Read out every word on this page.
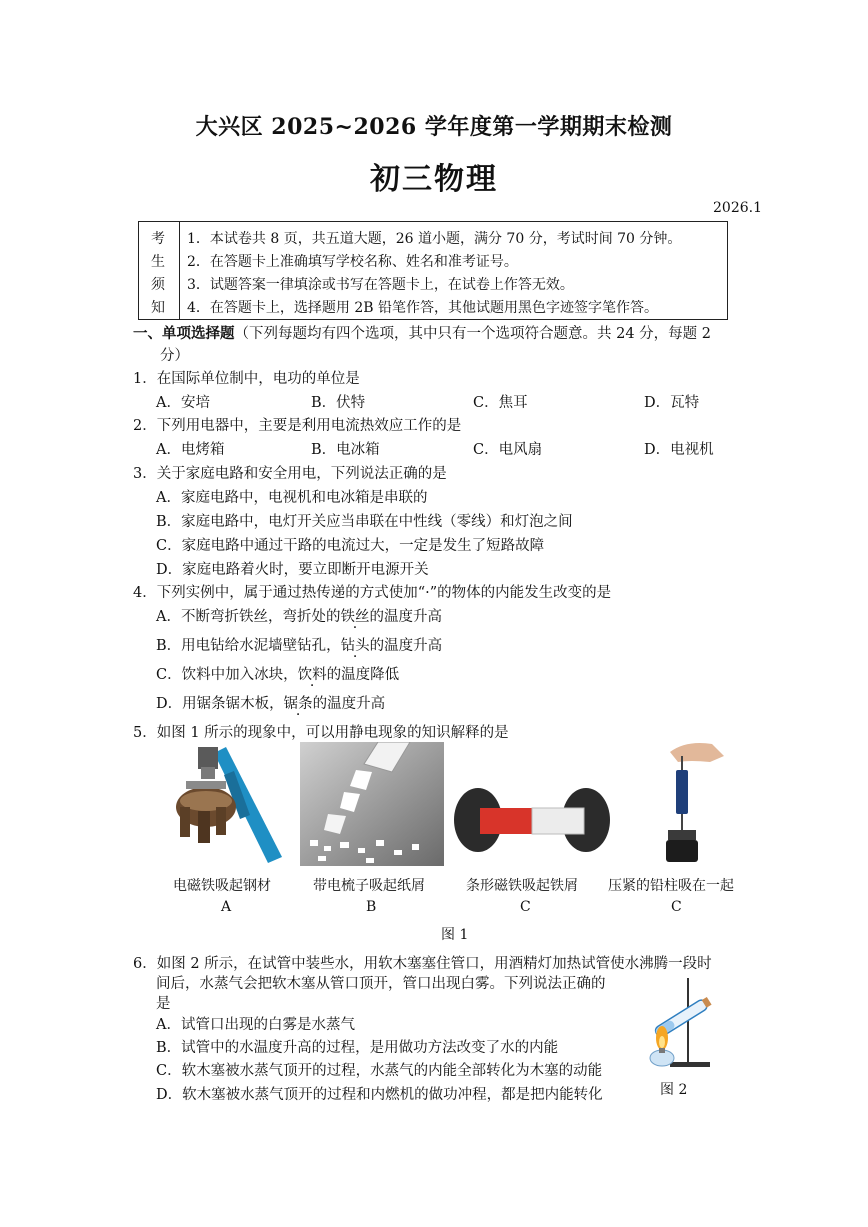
大兴区 2025~2026 学年度第一学期期末检测
初三物理
2026.1
考
生
须
知
1．本试卷共 8 页，共五道大题，26 道小题，满分 70 分，考试时间 70 分钟。
2．在答题卡上准确填写学校名称、姓名和准考证号。
3．试题答案一律填涂或书写在答题卡上，在试卷上作答无效。
4．在答题卡上，选择题用 2B 铅笔作答，其他试题用黑色字迹签字笔作答。
一、单项选择题（下列每题均有四个选项，其中只有一个选项符合题意。共 24 分，每题 2
分）
1．在国际单位制中，电功的单位是
A．安培	B．伏特	C．焦耳	D．瓦特
2．下列用电器中，主要是利用电流热效应工作的是
A．电烤箱	B．电冰箱	C．电风扇	D．电视机
3．关于家庭电路和安全用电，下列说法正确的是
A．家庭电路中，电视机和电冰箱是串联的
B．家庭电路中，电灯开关应当串联在中性线（零线）和灯泡之间
C．家庭电路中通过干路的电流过大，一定是发生了短路故障
D．家庭电路着火时，要立即断开电源开关
4．下列实例中，属于通过热传递的方式使加“·”的物体的内能发生改变的是
A．不断弯折铁丝，弯折处的铁丝的温度升高
B．用电钻给水泥墙壁钻孔，钻头的温度升高
C．饮料中加入冰块，饮料的温度降低
D．用锯条锯木板，锯条的温度升高
5．如图 1 所示的现象中，可以用静电现象的知识解释的是
电磁铁吸起钢材	带电梳子吸起纸屑	条形磁铁吸起铁屑 压紧的铅柱吸在一起
A	B	C	C
图 1
6．如图 2 所示，在试管中装些水，用软木塞塞住管口，用酒精灯加热试管使水沸腾一段时
间后，水蒸气会把软木塞从管口顶开，管口出现白雾。下列说法正确的
是
A．试管口出现的白雾是水蒸气
B．试管中的水温度升高的过程，是用做功方法改变了水的内能
C．软木塞被水蒸气顶开的过程，水蒸气的内能全部转化为木塞的动能
D．软木塞被水蒸气顶开的过程和内燃机的做功冲程，都是把内能转化	图 2
